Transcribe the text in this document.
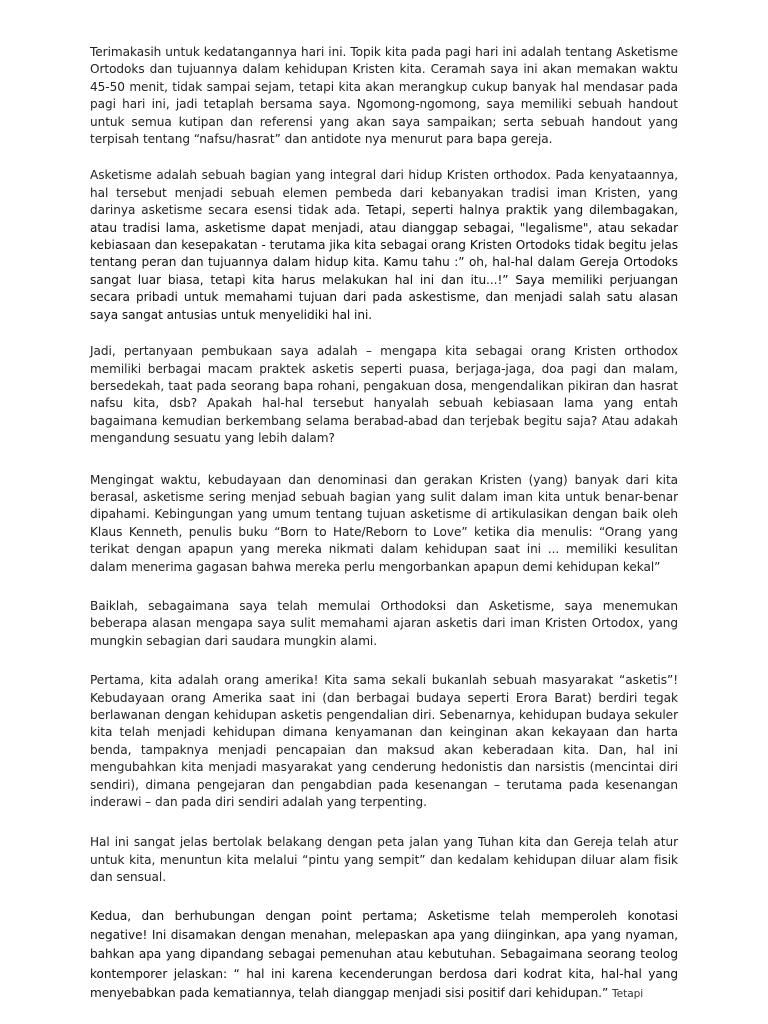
Terimakasih untuk kedatangannya hari ini. Topik kita pada pagi hari ini adalah tentang Asketisme Ortodoks dan tujuannya dalam kehidupan Kristen kita. Ceramah saya ini akan memakan waktu 45-50 menit, tidak sampai sejam, tetapi kita akan merangkup cukup banyak hal mendasar pada pagi hari ini, jadi tetaplah bersama saya. Ngomong-ngomong, saya memiliki sebuah handout untuk semua kutipan dan referensi yang akan saya sampaikan; serta sebuah handout yang terpisah tentang “nafsu/hasrat” dan antidote nya menurut para bapa gereja.

Asketisme adalah sebuah bagian yang integral dari hidup Kristen orthodox. Pada kenyataannya, hal tersebut menjadi sebuah elemen pembeda dari kebanyakan tradisi iman Kristen, yang darinya asketisme secara esensi tidak ada. Tetapi, seperti halnya praktik yang dilembagakan, atau tradisi lama, asketisme dapat menjadi, atau dianggap sebagai, "legalisme", atau sekadar kebiasaan dan kesepakatan - terutama jika kita sebagai orang Kristen Ortodoks tidak begitu jelas tentang peran dan tujuannya dalam hidup kita. Kamu tahu :” oh, hal-hal dalam Gereja Ortodoks sangat luar biasa, tetapi kita harus melakukan hal ini dan itu...!” Saya memiliki perjuangan secara pribadi untuk memahami tujuan dari pada askestisme, dan menjadi salah satu alasan saya sangat antusias untuk menyelidiki hal ini.

Jadi, pertanyaan pembukaan saya adalah – mengapa kita sebagai orang Kristen orthodox memiliki berbagai macam praktek asketis seperti puasa, berjaga-jaga, doa pagi dan malam, bersedekah, taat pada seorang bapa rohani, pengakuan dosa, mengendalikan pikiran dan hasrat nafsu kita, dsb? Apakah hal-hal tersebut hanyalah sebuah kebiasaan lama yang entah bagaimana kemudian berkembang selama berabad-abad dan terjebak begitu saja? Atau adakah mengandung sesuatu yang lebih dalam?

Mengingat waktu, kebudayaan dan denominasi dan gerakan Kristen (yang) banyak dari kita berasal, asketisme sering menjad sebuah bagian yang sulit dalam iman kita untuk benar-benar dipahami. Kebingungan yang umum tentang tujuan asketisme di artikulasikan dengan baik oleh Klaus Kenneth, penulis buku “Born to Hate/Reborn to Love” ketika dia menulis: “Orang yang terikat dengan apapun yang mereka nikmati dalam kehidupan saat ini ... memiliki kesulitan dalam menerima gagasan bahwa mereka perlu mengorbankan apapun demi kehidupan kekal”

Baiklah, sebagaimana saya telah memulai Orthodoksi dan Asketisme, saya menemukan beberapa alasan mengapa saya sulit memahami ajaran asketis dari iman Kristen Ortodox, yang mungkin sebagian dari saudara mungkin alami.

Pertama, kita adalah orang amerika! Kita sama sekali bukanlah sebuah masyarakat “asketis”! Kebudayaan orang Amerika saat ini (dan berbagai budaya seperti Erora Barat) berdiri tegak berlawanan dengan kehidupan asketis pengendalian diri. Sebenarnya, kehidupan budaya sekuler kita telah menjadi kehidupan dimana kenyamanan dan keinginan akan kekayaan dan harta benda, tampaknya menjadi pencapaian dan maksud akan keberadaan kita. Dan, hal ini mengubahkan kita menjadi masyarakat yang cenderung hedonistis dan narsistis (mencintai diri sendiri), dimana pengejaran dan pengabdian pada kesenangan – terutama pada kesenangan inderawi – dan pada diri sendiri adalah yang terpenting.

Hal ini sangat jelas bertolak belakang dengan peta jalan yang Tuhan kita dan Gereja telah atur untuk kita, menuntun kita melalui “pintu yang sempit” dan kedalam kehidupan diluar alam fisik dan sensual.

Kedua, dan berhubungan dengan point pertama; Asketisme telah memperoleh konotasi negative! Ini disamakan dengan menahan, melepaskan apa yang diinginkan, apa yang nyaman, bahkan apa yang dipandang sebagai pemenuhan atau kebutuhan. Sebagaimana seorang teolog kontemporer jelaskan: “ hal ini karena kecenderungan berdosa dari kodrat kita, hal-hal yang menyebabkan pada kematiannya, telah dianggap menjadi sisi positif dari kehidupan.” Tetapi
